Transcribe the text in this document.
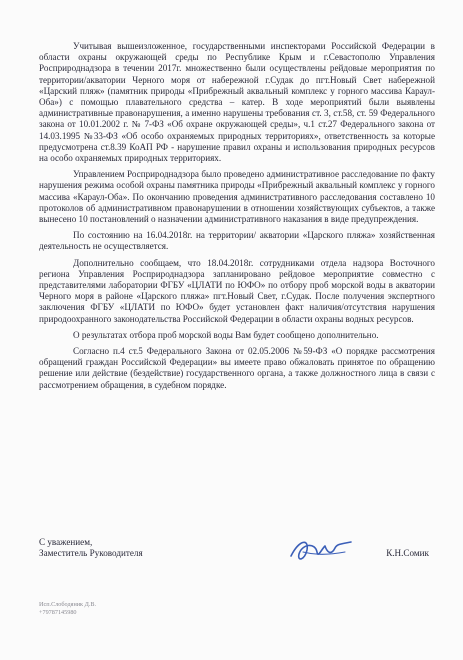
Учитывая вышеизложенное, государственными инспекторами Российской Федерации в области охраны окружающей среды по Республике Крым и г.Севастополю Управления Росприроднадзора в течении 2017г. множественно были осуществлены рейдовые мероприятия по территории/акватории Черного моря от набережной г.Судак до пгт.Новый Свет набережной «Царский пляж» (памятник природы «Прибрежный аквальный комплекс у горного массива Караул-Оба») с помощью плавательного средства – катер. В ходе мероприятий были выявлены административные правонарушения, а именно нарушены требования ст. 3, ст.58, ст. 59 Федерального закона от 10.01.2002 г. № 7-ФЗ «Об охране окружающей среды», ч.1 ст.27 Федерального закона от 14.03.1995 №33-ФЗ «Об особо охраняемых природных территориях», ответственность за которые предусмотрена ст.8.39 КоАП РФ - нарушение правил охраны и использования природных ресурсов на особо охраняемых природных территориях.

Управлением Росприроднадзора было проведено административное расследование по факту нарушения режима особой охраны памятника природы «Прибрежный аквальный комплекс у горного массива «Караул-Оба». По окончанию проведения административного расследования составлено 10 протоколов об административном правонарушении в отношении хозяйствующих субъектов, а также вынесено 10 постановлений о назначении административного наказания в виде предупреждения.

По состоянию на 16.04.2018г. на территории/ акватории «Царского пляжа» хозяйственная деятельность не осуществляется.

Дополнительно сообщаем, что 18.04.2018г. сотрудниками отдела надзора Восточного региона Управления Росприроднадзора запланировано рейдовое мероприятие совместно с представителями лаборатории ФГБУ «ЦЛАТИ по ЮФО» по отбору проб морской воды в акватории Черного моря в районе «Царского пляжа» пгт.Новый Свет, г.Судак. После получения экспертного заключения ФГБУ «ЦЛАТИ по ЮФО» будет установлен факт наличия/отсутствия нарушения природоохранного законодательства Российской Федерации в области охраны водных ресурсов.

О результатах отбора проб морской воды Вам будет сообщено дополнительно.

Согласно п.4 ст.5 Федерального Закона от 02.05.2006 №59-ФЗ «О порядке рассмотрения обращений граждан Российской Федерации» вы имеете право обжаловать принятое по обращению решение или действие (бездействие) государственного органа, а также должностного лица в связи с рассмотрением обращения, в судебном порядке.

С уважением,
Заместитель Руководителя	К.Н.Сомик
Исп.Слободяник Д.В.
+79787145980
